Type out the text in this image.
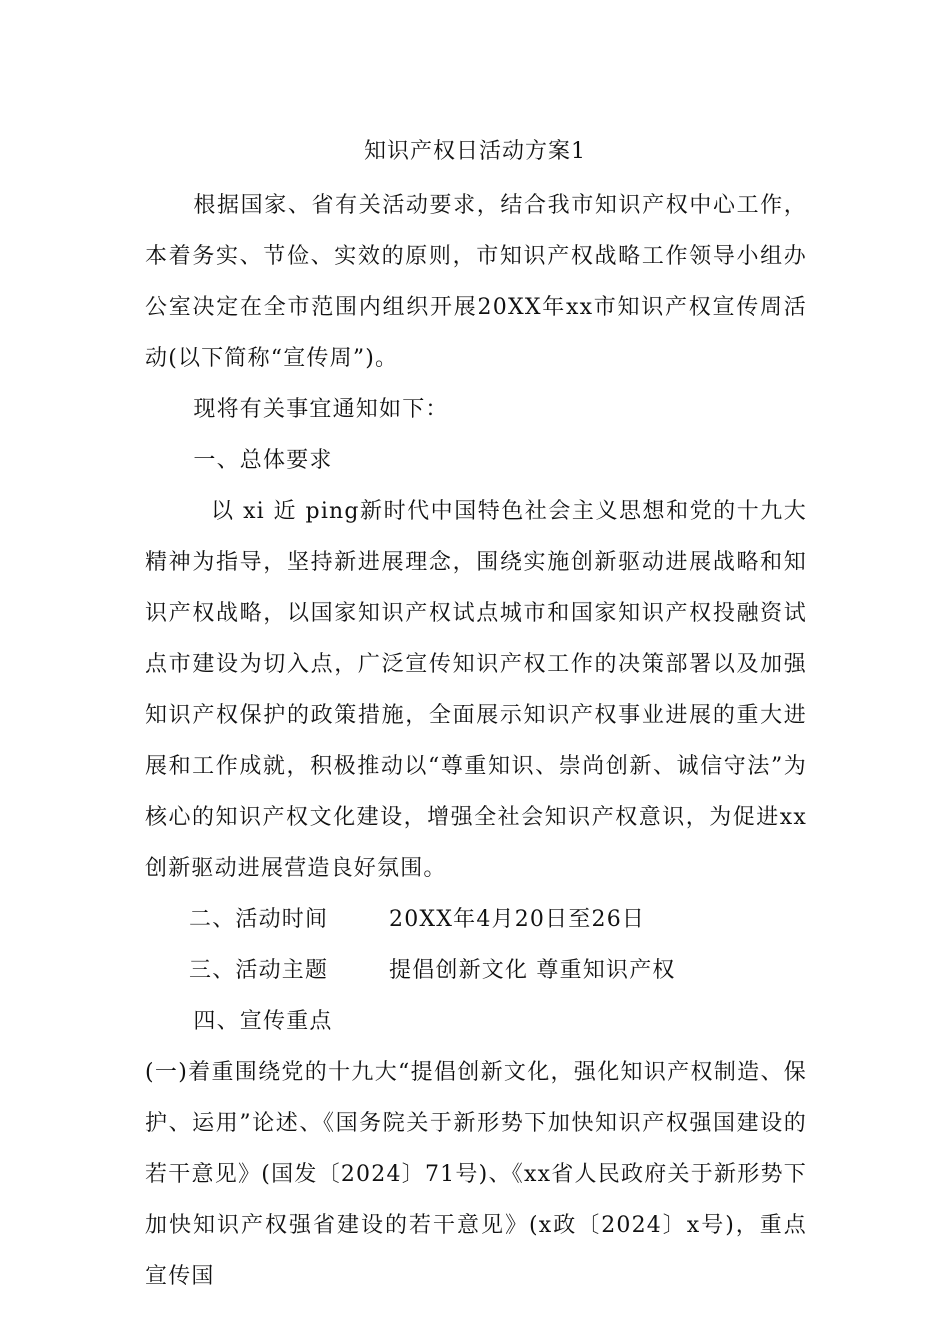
知识产权日活动方案1

根据国家、省有关活动要求，结合我市知识产权中心工作，本着务实、节俭、实效的原则，市知识产权战略工作领导小组办公室决定在全市范围内组织开展20XX年xx市知识产权宣传周活动(以下简称“宣传周”)。

现将有关事宜通知如下：

一、总体要求

以 xi 近 ping新时代中国特色社会主义思想和党的十九大精神为指导，坚持新进展理念，围绕实施创新驱动进展战略和知识产权战略，以国家知识产权试点城市和国家知识产权投融资试点市建设为切入点，广泛宣传知识产权工作的决策部署以及加强知识产权保护的政策措施，全面展示知识产权事业进展的重大进展和工作成就，积极推动以“尊重知识、崇尚创新、诚信守法”为核心的知识产权文化建设，增强全社会知识产权意识，为促进xx创新驱动进展营造良好氛围。

二、活动时间	20XX年4月20日至26日
三、活动主题	提倡创新文化 尊重知识产权

四、宣传重点

(一)着重围绕党的十九大“提倡创新文化，强化知识产权制造、保护、运用”论述、《国务院关于新形势下加快知识产权强国建设的若干意见》(国发〔2024〕71号)、《xx省人民政府关于新形势下加快知识产权强省建设的若干意见》(x政〔2024〕x号)，重点宣传国
